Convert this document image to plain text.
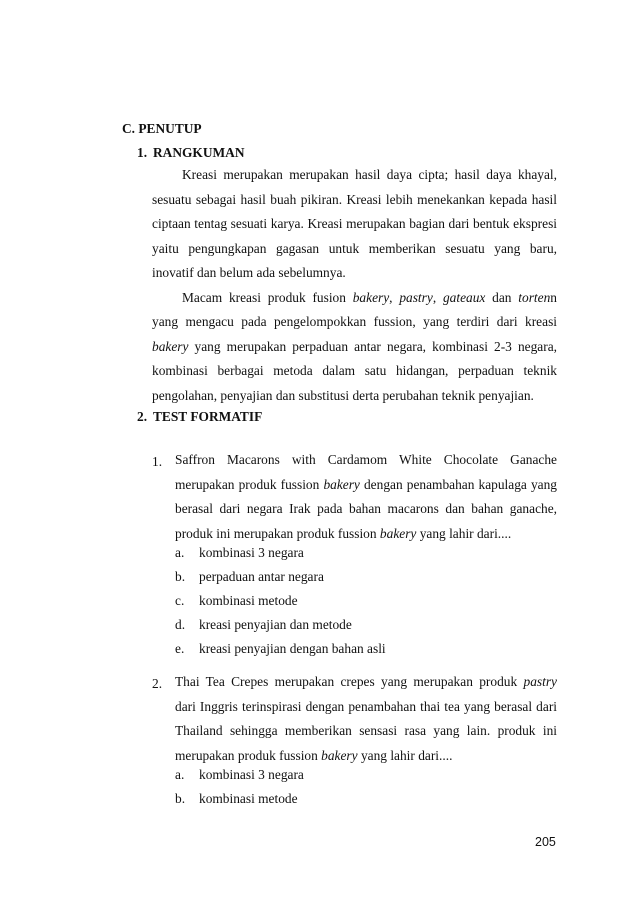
C. PENUTUP
1. RANGKUMAN

Kreasi merupakan merupakan hasil daya cipta; hasil daya khayal, sesuatu sebagai hasil buah pikiran. Kreasi lebih menekankan kepada hasil ciptaan tentag sesuati karya. Kreasi merupakan bagian dari bentuk ekspresi yaitu pengungkapan gagasan untuk memberikan sesuatu yang baru, inovatif dan belum ada sebelumnya.

Macam kreasi produk fusion bakery, pastry, gateaux dan tortenn yang mengacu pada pengelompokkan fussion, yang terdiri dari kreasi bakery yang merupakan perpaduan antar negara, kombinasi 2-3 negara, kombinasi berbagai metoda dalam satu hidangan, perpaduan teknik pengolahan, penyajian dan substitusi derta perubahan teknik penyajian.

2. TEST FORMATIF
1. Saffron Macarons with Cardamom White Chocolate Ganache merupakan produk fussion bakery dengan penambahan kapulaga yang berasal dari negara Irak pada bahan macarons dan bahan ganache, produk ini merupakan produk fussion bakery yang lahir dari....

a. kombinasi 3 negara
b. perpaduan antar negara
c. kombinasi metode
d. kreasi penyajian dan metode
e. kreasi penyajian dengan bahan asli
2. Thai Tea Crepes merupakan crepes yang merupakan produk pastry dari Inggris terinspirasi dengan penambahan thai tea yang berasal dari Thailand sehingga memberikan sensasi rasa yang lain. produk ini merupakan produk fussion bakery yang lahir dari....

a. kombinasi 3 negara
b. kombinasi metode
205
